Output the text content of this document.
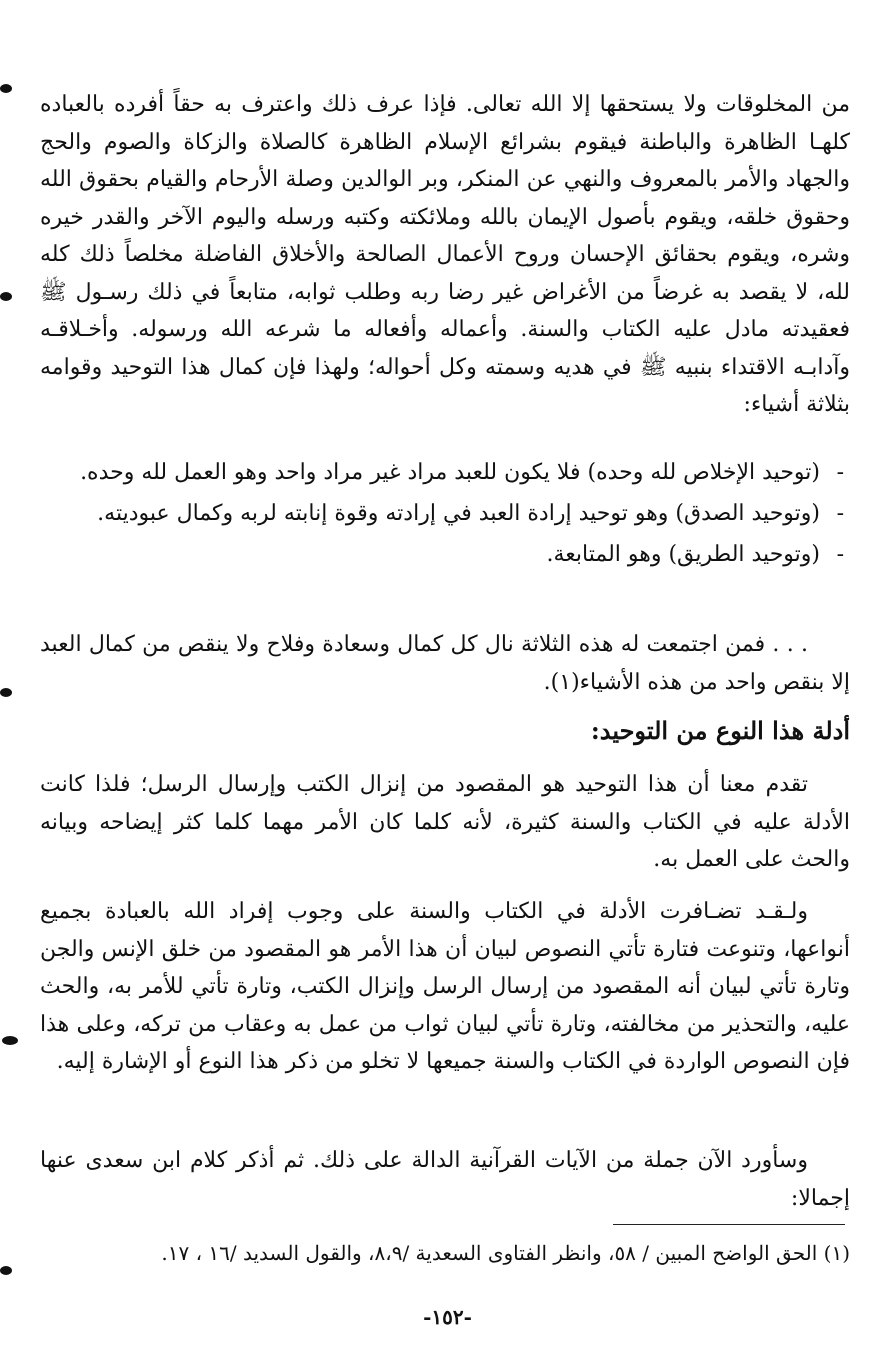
من المخلوقات ولا يستحقها إلا الله تعالى. فإذا عرف ذلك واعترف به حقاً أفرده بالعباده كلهـا الظاهرة والباطنة فيقوم بشرائع الإسلام الظاهرة كالصلاة والزكاة والصوم والحج والجهاد والأمر بالمعروف والنهي عن المنكر، وبر الوالدين وصلة الأرحام والقيام بحقوق الله وحقوق خلقه، ويقوم بأصول الإيمان بالله وملائكته وكتبه ورسله واليوم الآخر والقدر خيره وشره، ويقوم بحقائق الإحسان وروح الأعمال الصالحة والأخلاق الفاضلة مخلصاً ذلك كله لله، لا يقصد به غرضاً من الأغراض غير رضا ربه وطلب ثوابه، متابعاً في ذلك رسـول ﷺ فعقيدته مادل عليه الكتاب والسنة. وأعماله وأفعاله ما شرعه الله ورسوله. وأخـلاقـه وآدابـه الاقتداء بنبيه ﷺ في هديه وسمته وكل أحواله؛ ولهذا فإن كمال هذا التوحيد وقوامه بثلاثة أشياء:
-
(توحيد الإخلاص لله وحده) فلا يكون للعبد مراد غير مراد واحد وهو العمل لله وحده.
-
(وتوحيد الصدق) وهو توحيد إرادة العبد في إرادته وقوة إنابته لربه وكمال عبوديته.
-
(وتوحيد الطريق) وهو المتابعة.
. . . فمن اجتمعت له هذه الثلاثة نال كل كمال وسعادة وفلاح ولا ينقص من كمال العبد إلا بنقص واحد من هذه الأشياء(١).
أدلة هذا النوع من التوحيد:
تقدم معنا أن هذا التوحيد هو المقصود من إنزال الكتب وإرسال الرسل؛ فلذا كانت الأدلة عليه في الكتاب والسنة كثيرة، لأنه كلما كان الأمر مهما كلما كثر إيضاحه وبيانه والحث على العمل به.
ولـقـد تضـافرت الأدلة في الكتاب والسنة على وجوب إفراد الله بالعبادة بجميع أنواعها، وتنوعت فتارة تأتي النصوص لبيان أن هذا الأمر هو المقصود من خلق الإنس والجن وتارة تأتي لبيان أنه المقصود من إرسال الرسل وإنزال الكتب، وتارة تأتي للأمر به، والحث عليه، والتحذير من مخالفته، وتارة تأتي لبيان ثواب من عمل به وعقاب من تركه، وعلى هذا فإن النصوص الواردة في الكتاب والسنة جميعها لا تخلو من ذكر هذا النوع أو الإشارة إليه.
وسأورد الآن جملة من الآيات القرآنية الدالة على ذلك. ثم أذكر كلام ابن سعدى عنها إجمالا:
(١) الحق الواضح المبين / ٥٨، وانظر الفتاوى السعدية /٨،٩، والقول السديد /١٦ ، ١٧.
-١٥٢-
